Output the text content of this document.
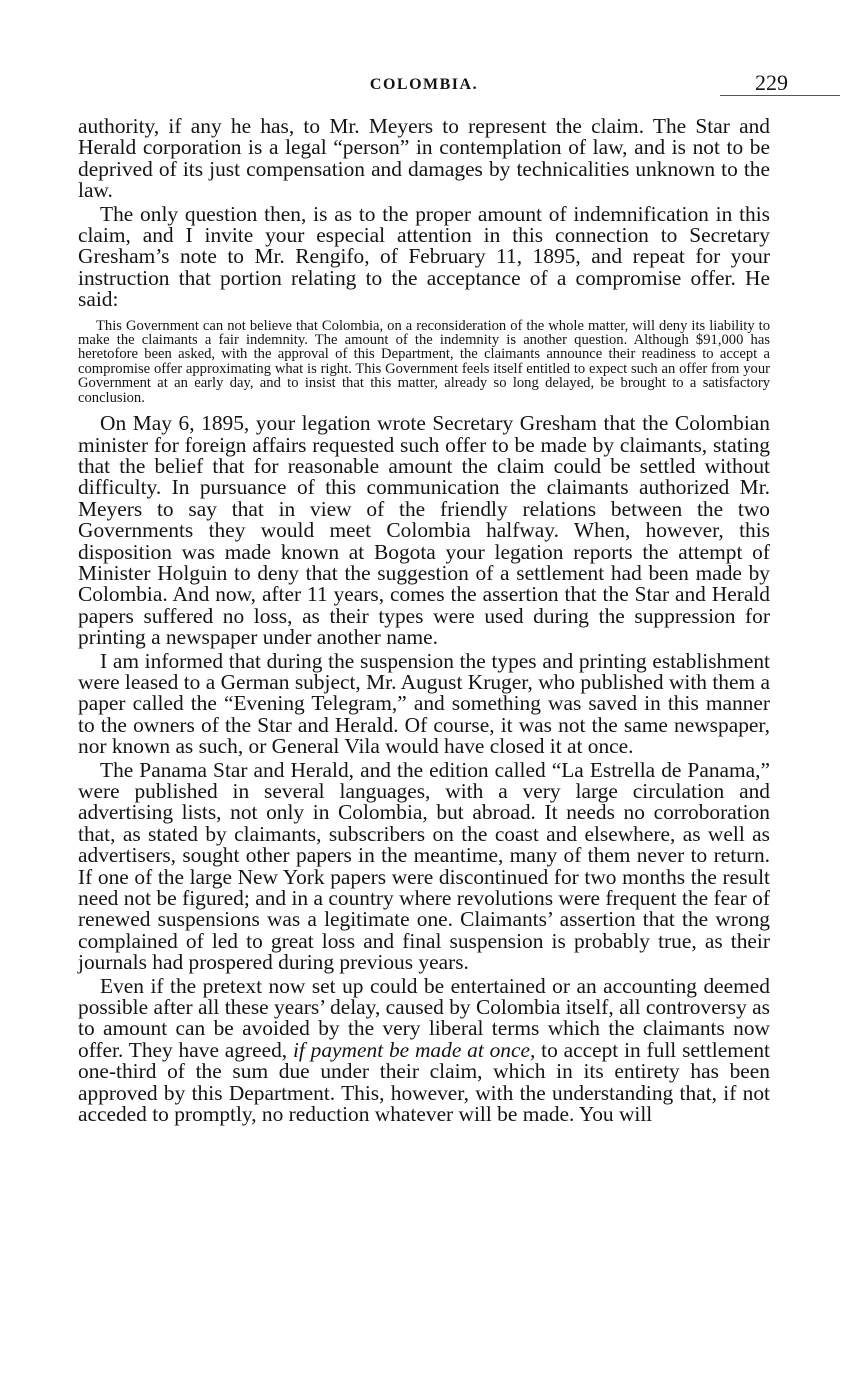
COLOMBIA.	229

authority, if any he has, to Mr. Meyers to represent the claim. The Star and Herald corporation is a legal “person” in contemplation of law, and is not to be deprived of its just compensation and damages by technicalities unknown to the law.

The only question then, is as to the proper amount of indemnification in this claim, and I invite your especial attention in this connection to Secretary Gresham’s note to Mr. Rengifo, of February 11, 1895, and repeat for your instruction that portion relating to the acceptance of a compromise offer. He said:

This Government can not believe that Colombia, on a reconsideration of the whole matter, will deny its liability to make the claimants a fair indemnity. The amount of the indemnity is another question. Although $91,000 has heretofore been asked, with the approval of this Department, the claimants announce their readiness to accept a compromise offer approximating what is right. This Government feels itself entitled to expect such an offer from your Government at an early day, and to insist that this matter, already so long delayed, be brought to a satisfactory conclusion.

On May 6, 1895, your legation wrote Secretary Gresham that the Colombian minister for foreign affairs requested such offer to be made by claimants, stating that the belief that for reasonable amount the claim could be settled without difficulty. In pursuance of this communication the claimants authorized Mr. Meyers to say that in view of the friendly relations between the two Governments they would meet Colombia halfway. When, however, this disposition was made known at Bogota your legation reports the attempt of Minister Holguin to deny that the suggestion of a settlement had been made by Colombia. And now, after 11 years, comes the assertion that the Star and Herald papers suffered no loss, as their types were used during the suppression for printing a newspaper under another name.

I am informed that during the suspension the types and printing establishment were leased to a German subject, Mr. August Kruger, who published with them a paper called the “Evening Telegram,” and something was saved in this manner to the owners of the Star and Herald. Of course, it was not the same newspaper, nor known as such, or General Vila would have closed it at once.

The Panama Star and Herald, and the edition called “La Estrella de Panama,” were published in several languages, with a very large circulation and advertising lists, not only in Colombia, but abroad. It needs no corroboration that, as stated by claimants, subscribers on the coast and elsewhere, as well as advertisers, sought other papers in the meantime, many of them never to return. If one of the large New York papers were discontinued for two months the result need not be figured; and in a country where revolutions were frequent the fear of renewed suspensions was a legitimate one. Claimants’ assertion that the wrong complained of led to great loss and final suspension is probably true, as their journals had prospered during previous years.

Even if the pretext now set up could be entertained or an accounting deemed possible after all these years’ delay, caused by Colombia itself, all controversy as to amount can be avoided by the very liberal terms which the claimants now offer. They have agreed, if payment be made at once, to accept in full settlement one-third of the sum due under their claim, which in its entirety has been approved by this Department. This, however, with the understanding that, if not acceded to promptly, no reduction whatever will be made. You will
